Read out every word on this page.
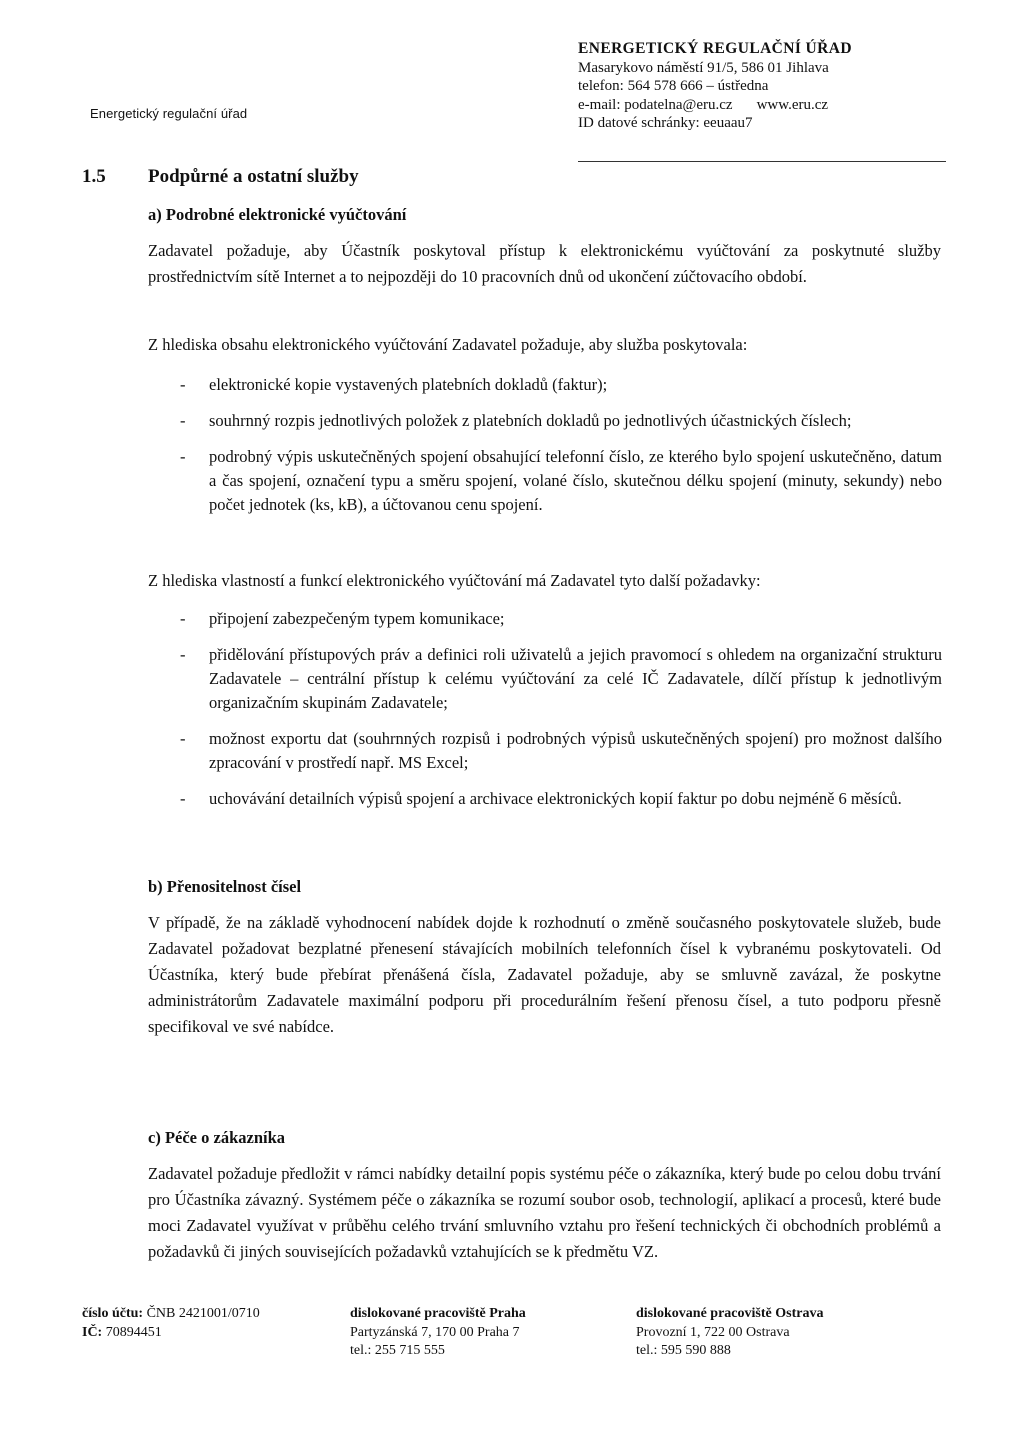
Energetický regulační úřad
ENERGETICKÝ REGULAČNÍ ÚŘAD
Masarykovo náměstí 91/5, 586 01 Jihlava
telefon: 564 578 666 – ústředna
e-mail: podatelna@eru.cz www.eru.cz
ID datové schránky: eeuaau7
1.5 Podpůrné a ostatní služby
a) Podrobné elektronické vyúčtování
Zadavatel požaduje, aby Účastník poskytoval přístup k elektronickému vyúčtování za poskytnuté služby prostřednictvím sítě Internet a to nejpozději do 10 pracovních dnů od ukončení zúčtovacího období.
Z hlediska obsahu elektronického vyúčtování Zadavatel požaduje, aby služba poskytovala:
- elektronické kopie vystavených platebních dokladů (faktur);
- souhrnný rozpis jednotlivých položek z platebních dokladů po jednotlivých účastnických číslech;
- podrobný výpis uskutečněných spojení obsahující telefonní číslo, ze kterého bylo spojení uskutečněno, datum a čas spojení, označení typu a směru spojení, volané číslo, skutečnou délku spojení (minuty, sekundy) nebo počet jednotek (ks, kB), a účtovanou cenu spojení.
Z hlediska vlastností a funkcí elektronického vyúčtování má Zadavatel tyto další požadavky:
- připojení zabezpečeným typem komunikace;
- přidělování přístupových práv a definici roli uživatelů a jejich pravomocí s ohledem na organizační strukturu Zadavatele – centrální přístup k celému vyúčtování za celé IČ Zadavatele, dílčí přístup k jednotlivým organizačním skupinám Zadavatele;
- možnost exportu dat (souhrnných rozpisů i podrobných výpisů uskutečněných spojení) pro možnost dalšího zpracování v prostředí např. MS Excel;
- uchovávání detailních výpisů spojení a archivace elektronických kopií faktur po dobu nejméně 6 měsíců.
b) Přenositelnost čísel
V případě, že na základě vyhodnocení nabídek dojde k rozhodnutí o změně současného poskytovatele služeb, bude Zadavatel požadovat bezplatné přenesení stávajících mobilních telefonních čísel k vybranému poskytovateli. Od Účastníka, který bude přebírat přenášená čísla, Zadavatel požaduje, aby se smluvně zavázal, že poskytne administrátorům Zadavatele maximální podporu při procedurálním řešení přenosu čísel, a tuto podporu přesně specifikoval ve své nabídce.
c) Péče o zákazníka
Zadavatel požaduje předložit v rámci nabídky detailní popis systému péče o zákazníka, který bude po celou dobu trvání pro Účastníka závazný. Systémem péče o zákazníka se rozumí soubor osob, technologií, aplikací a procesů, které bude moci Zadavatel využívat v průběhu celého trvání smluvního vztahu pro řešení technických či obchodních problémů a požadavků či jiných souvisejících požadavků vztahujících se k předmětu VZ.
číslo účtu: ČNB 2421001/0710
IČ: 70894451
dislokované pracoviště Praha
Partyzánská 7, 170 00 Praha 7
tel.: 255 715 555
dislokované pracoviště Ostrava
Provozní 1, 722 00 Ostrava
tel.: 595 590 888
